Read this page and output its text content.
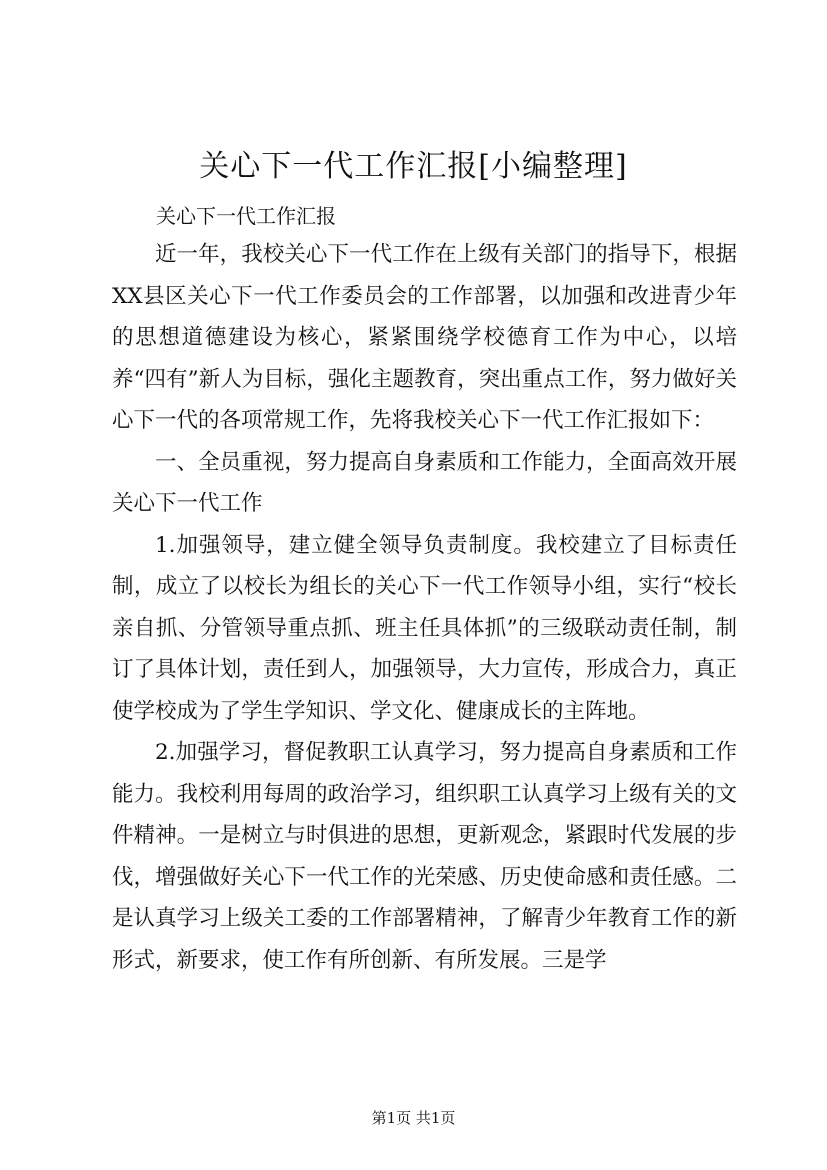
关心下一代工作汇报[小编整理]
关心下一代工作汇报

近一年，我校关心下一代工作在上级有关部门的指导下，根据XX县区关心下一代工作委员会的工作部署，以加强和改进青少年的思想道德建设为核心，紧紧围绕学校德育工作为中心，以培养“四有”新人为目标，强化主题教育，突出重点工作，努力做好关心下一代的各项常规工作，先将我校关心下一代工作汇报如下：

一、全员重视，努力提高自身素质和工作能力，全面高效开展关心下一代工作

1.加强领导，建立健全领导负责制度。我校建立了目标责任制，成立了以校长为组长的关心下一代工作领导小组，实行“校长亲自抓、分管领导重点抓、班主任具体抓”的三级联动责任制，制订了具体计划，责任到人，加强领导，大力宣传，形成合力，真正使学校成为了学生学知识、学文化、健康成长的主阵地。

2.加强学习，督促教职工认真学习，努力提高自身素质和工作能力。我校利用每周的政治学习，组织职工认真学习上级有关的文件精神。一是树立与时俱进的思想，更新观念，紧跟时代发展的步伐，增强做好关心下一代工作的光荣感、历史使命感和责任感。二是认真学习上级关工委的工作部署精神，了解青少年教育工作的新形式，新要求，使工作有所创新、有所发展。三是学

第1页 共1页
